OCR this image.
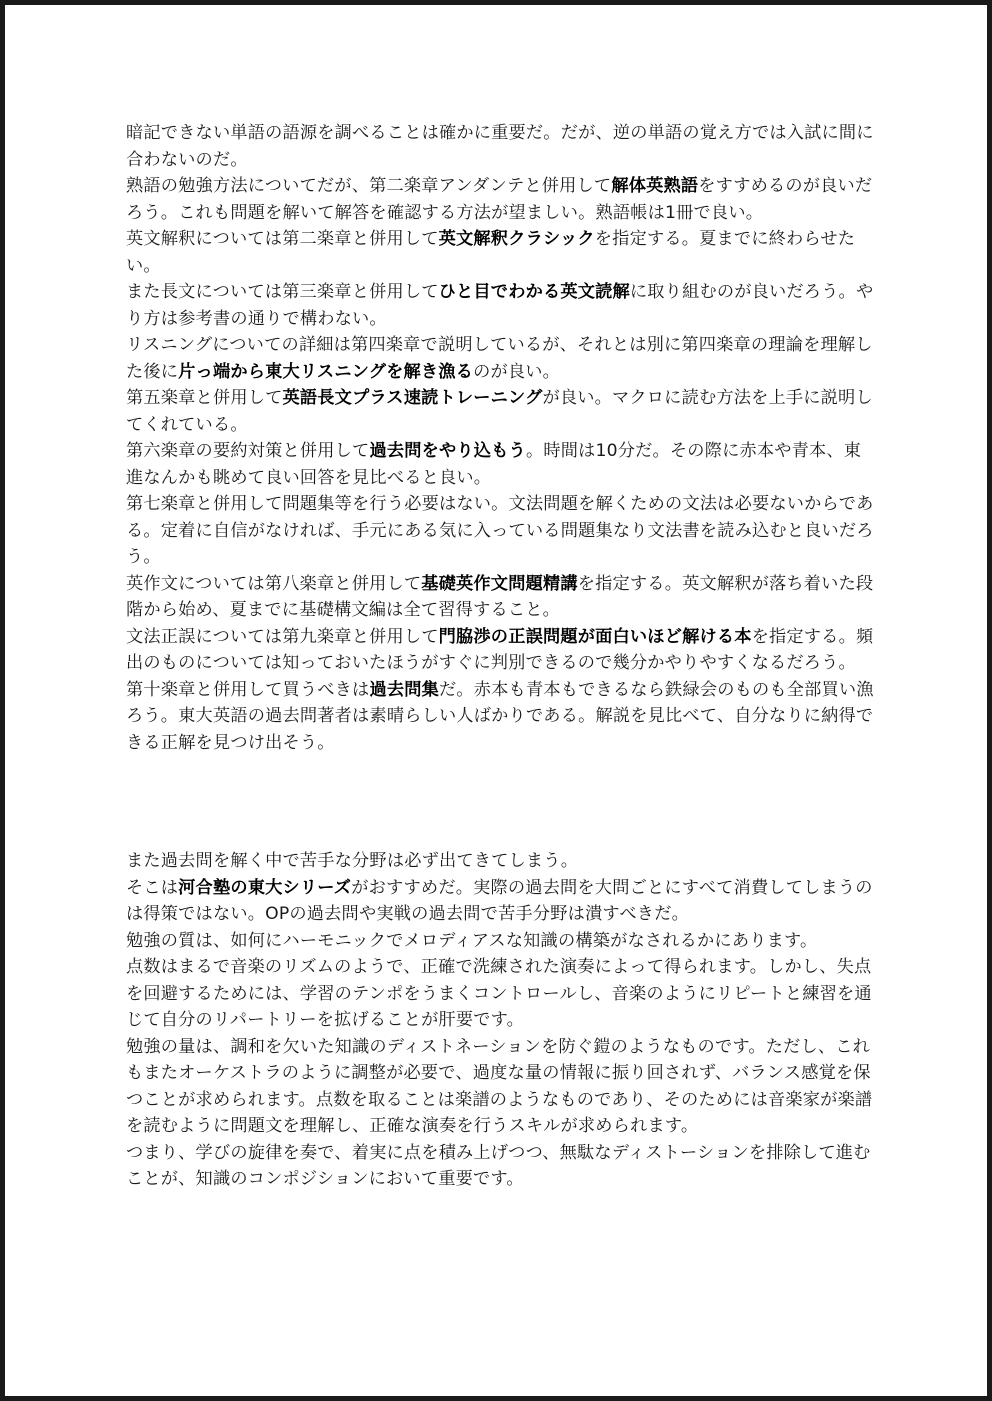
暗記できない単語の語源を調べることは確かに重要だ。だが、逆の単語の覚え方では入試に間に合わないのだ。

熟語の勉強方法についてだが、第二楽章アンダンテと併用して解体英熟語をすすめるのが良いだろう。これも問題を解いて解答を確認する方法が望ましい。熟語帳は1冊で良い。

英文解釈については第二楽章と併用して英文解釈クラシックを指定する。夏までに終わらせたい。

また長文については第三楽章と併用してひと目でわかる英文読解に取り組むのが良いだろう。やり方は参考書の通りで構わない。

リスニングについての詳細は第四楽章で説明しているが、それとは別に第四楽章の理論を理解した後に片っ端から東大リスニングを解き漁るのが良い。

第五楽章と併用して英語長文プラス速読トレーニングが良い。マクロに読む方法を上手に説明してくれている。

第六楽章の要約対策と併用して過去問をやり込もう。時間は10分だ。その際に赤本や青本、東進なんかも眺めて良い回答を見比べると良い。

第七楽章と併用して問題集等を行う必要はない。文法問題を解くための文法は必要ないからである。定着に自信がなければ、手元にある気に入っている問題集なり文法書を読み込むと良いだろう。

英作文については第八楽章と併用して基礎英作文問題精講を指定する。英文解釈が落ち着いた段階から始め、夏までに基礎構文編は全て習得すること。

文法正誤については第九楽章と併用して門脇渉の正誤問題が面白いほど解ける本を指定する。頻出のものについては知っておいたほうがすぐに判別できるので幾分かやりやすくなるだろう。

第十楽章と併用して買うべきは過去問集だ。赤本も青本もできるなら鉄緑会のものも全部買い漁ろう。東大英語の過去問著者は素晴らしい人ばかりである。解説を見比べて、自分なりに納得できる正解を見つけ出そう。

また過去問を解く中で苦手な分野は必ず出てきてしまう。

そこは河合塾の東大シリーズがおすすめだ。実際の過去問を大問ごとにすべて消費してしまうのは得策ではない。OPの過去問や実戦の過去問で苦手分野は潰すべきだ。

勉強の質は、如何にハーモニックでメロディアスな知識の構築がなされるかにあります。

点数はまるで音楽のリズムのようで、正確で洗練された演奏によって得られます。しかし、失点を回避するためには、学習のテンポをうまくコントロールし、音楽のようにリピートと練習を通じて自分のリパートリーを拡げることが肝要です。

勉強の量は、調和を欠いた知識のディストネーションを防ぐ鎧のようなものです。ただし、これもまたオーケストラのように調整が必要で、過度な量の情報に振り回されず、バランス感覚を保つことが求められます。点数を取ることは楽譜のようなものであり、そのためには音楽家が楽譜を読むように問題文を理解し、正確な演奏を行うスキルが求められます。

つまり、学びの旋律を奏で、着実に点を積み上げつつ、無駄なディストーションを排除して進むことが、知識のコンポジションにおいて重要です。
